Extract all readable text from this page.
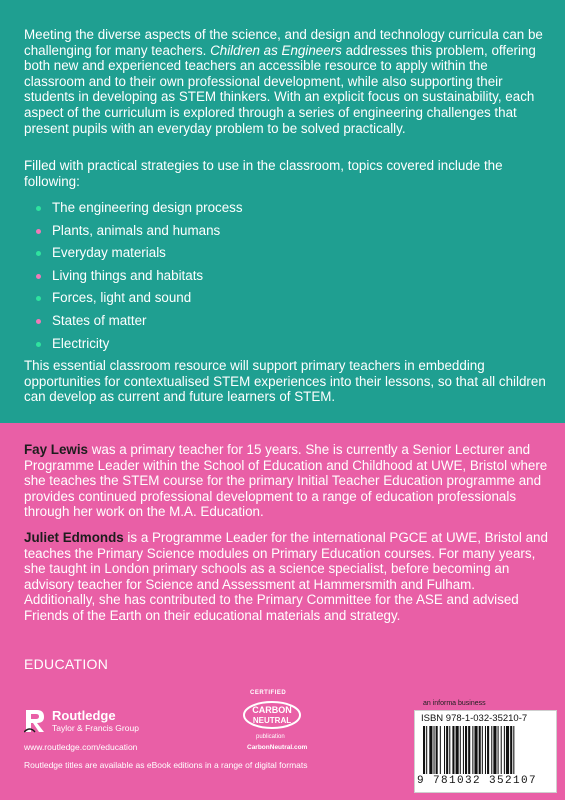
Meeting the diverse aspects of the science, and design and technology curricula can be challenging for many teachers. Children as Engineers addresses this problem, offering both new and experienced teachers an accessible resource to apply within the classroom and to their own professional development, while also supporting their students in developing as STEM thinkers. With an explicit focus on sustainability, each aspect of the curriculum is explored through a series of engineering challenges that present pupils with an everyday problem to be solved practically.

Filled with practical strategies to use in the classroom, topics covered include the following:

The engineering design process
Plants, animals and humans
Everyday materials
Living things and habitats
Forces, light and sound
States of matter
Electricity

This essential classroom resource will support primary teachers in embedding opportunities for contextualised STEM experiences into their lessons, so that all children can develop as current and future learners of STEM.

Fay Lewis was a primary teacher for 15 years. She is currently a Senior Lecturer and Programme Leader within the School of Education and Childhood at UWE, Bristol where she teaches the STEM course for the primary Initial Teacher Education programme and provides continued professional development to a range of education professionals through her work on the M.A. Education.

Juliet Edmonds is a Programme Leader for the international PGCE at UWE, Bristol and teaches the Primary Science modules on Primary Education courses. For many years, she taught in London primary schools as a science specialist, before becoming an advisory teacher for Science and Assessment at Hammersmith and Fulham. Additionally, she has contributed to the Primary Committee for the ASE and advised Friends of the Earth on their educational materials and strategy.

EDUCATION
Routledge
Taylor & Francis Group
www.routledge.com/education
CERTIFIED
CARBON
NEUTRAL
publication
CarbonNeutral.com
an informa business
ISBN 978-1-032-35210-7
9 781032 352107
Routledge titles are available as eBook editions in a range of digital formats
